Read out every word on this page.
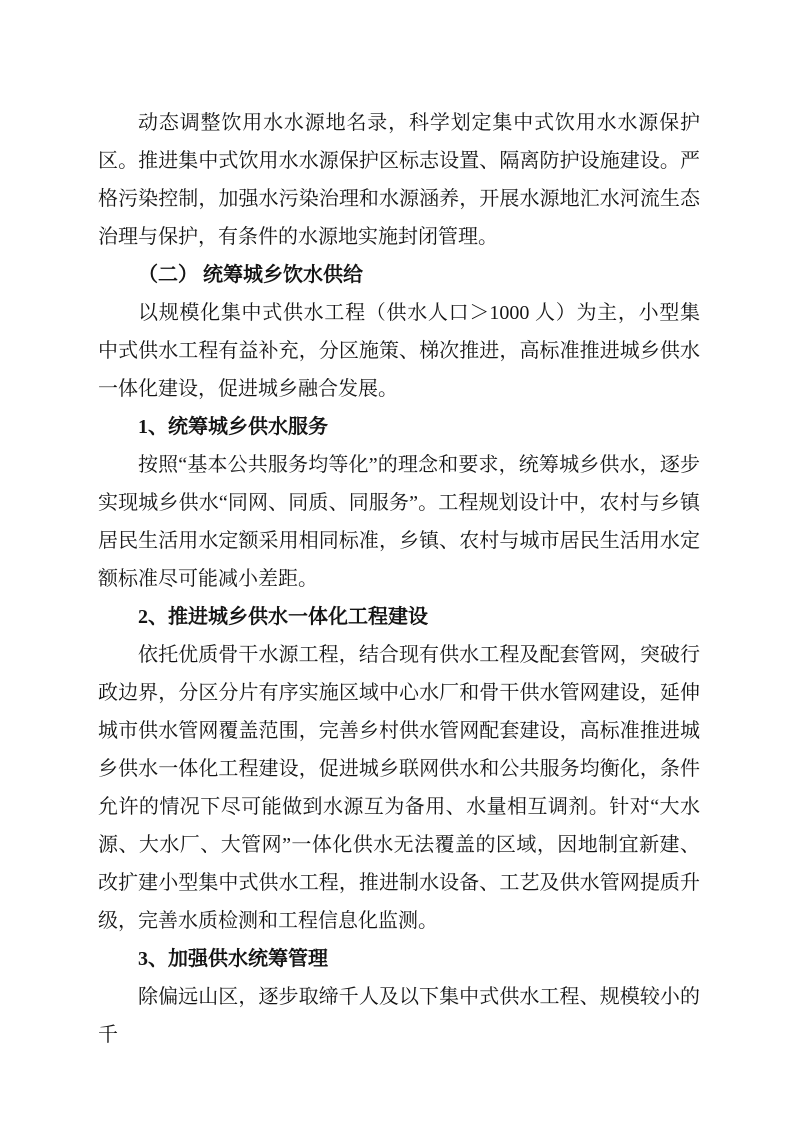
动态调整饮用水水源地名录，科学划定集中式饮用水水源保护区。推进集中式饮用水水源保护区标志设置、隔离防护设施建设。严格污染控制，加强水污染治理和水源涵养，开展水源地汇水河流生态治理与保护，有条件的水源地实施封闭管理。

（二） 统筹城乡饮水供给

以规模化集中式供水工程（供水人口＞1000 人）为主，小型集中式供水工程有益补充，分区施策、梯次推进，高标准推进城乡供水一体化建设，促进城乡融合发展。

1、统筹城乡供水服务

按照“基本公共服务均等化”的理念和要求，统筹城乡供水，逐步实现城乡供水“同网、同质、同服务”。工程规划设计中，农村与乡镇居民生活用水定额采用相同标准，乡镇、农村与城市居民生活用水定额标准尽可能减小差距。

2、推进城乡供水一体化工程建设

依托优质骨干水源工程，结合现有供水工程及配套管网，突破行政边界，分区分片有序实施区域中心水厂和骨干供水管网建设，延伸城市供水管网覆盖范围，完善乡村供水管网配套建设，高标准推进城乡供水一体化工程建设，促进城乡联网供水和公共服务均衡化，条件允许的情况下尽可能做到水源互为备用、水量相互调剂。针对“大水源、大水厂、大管网”一体化供水无法覆盖的区域，因地制宜新建、改扩建小型集中式供水工程，推进制水设备、工艺及供水管网提质升级，完善水质检测和工程信息化监测。

3、加强供水统筹管理

除偏远山区，逐步取缔千人及以下集中式供水工程、规模较小的千
